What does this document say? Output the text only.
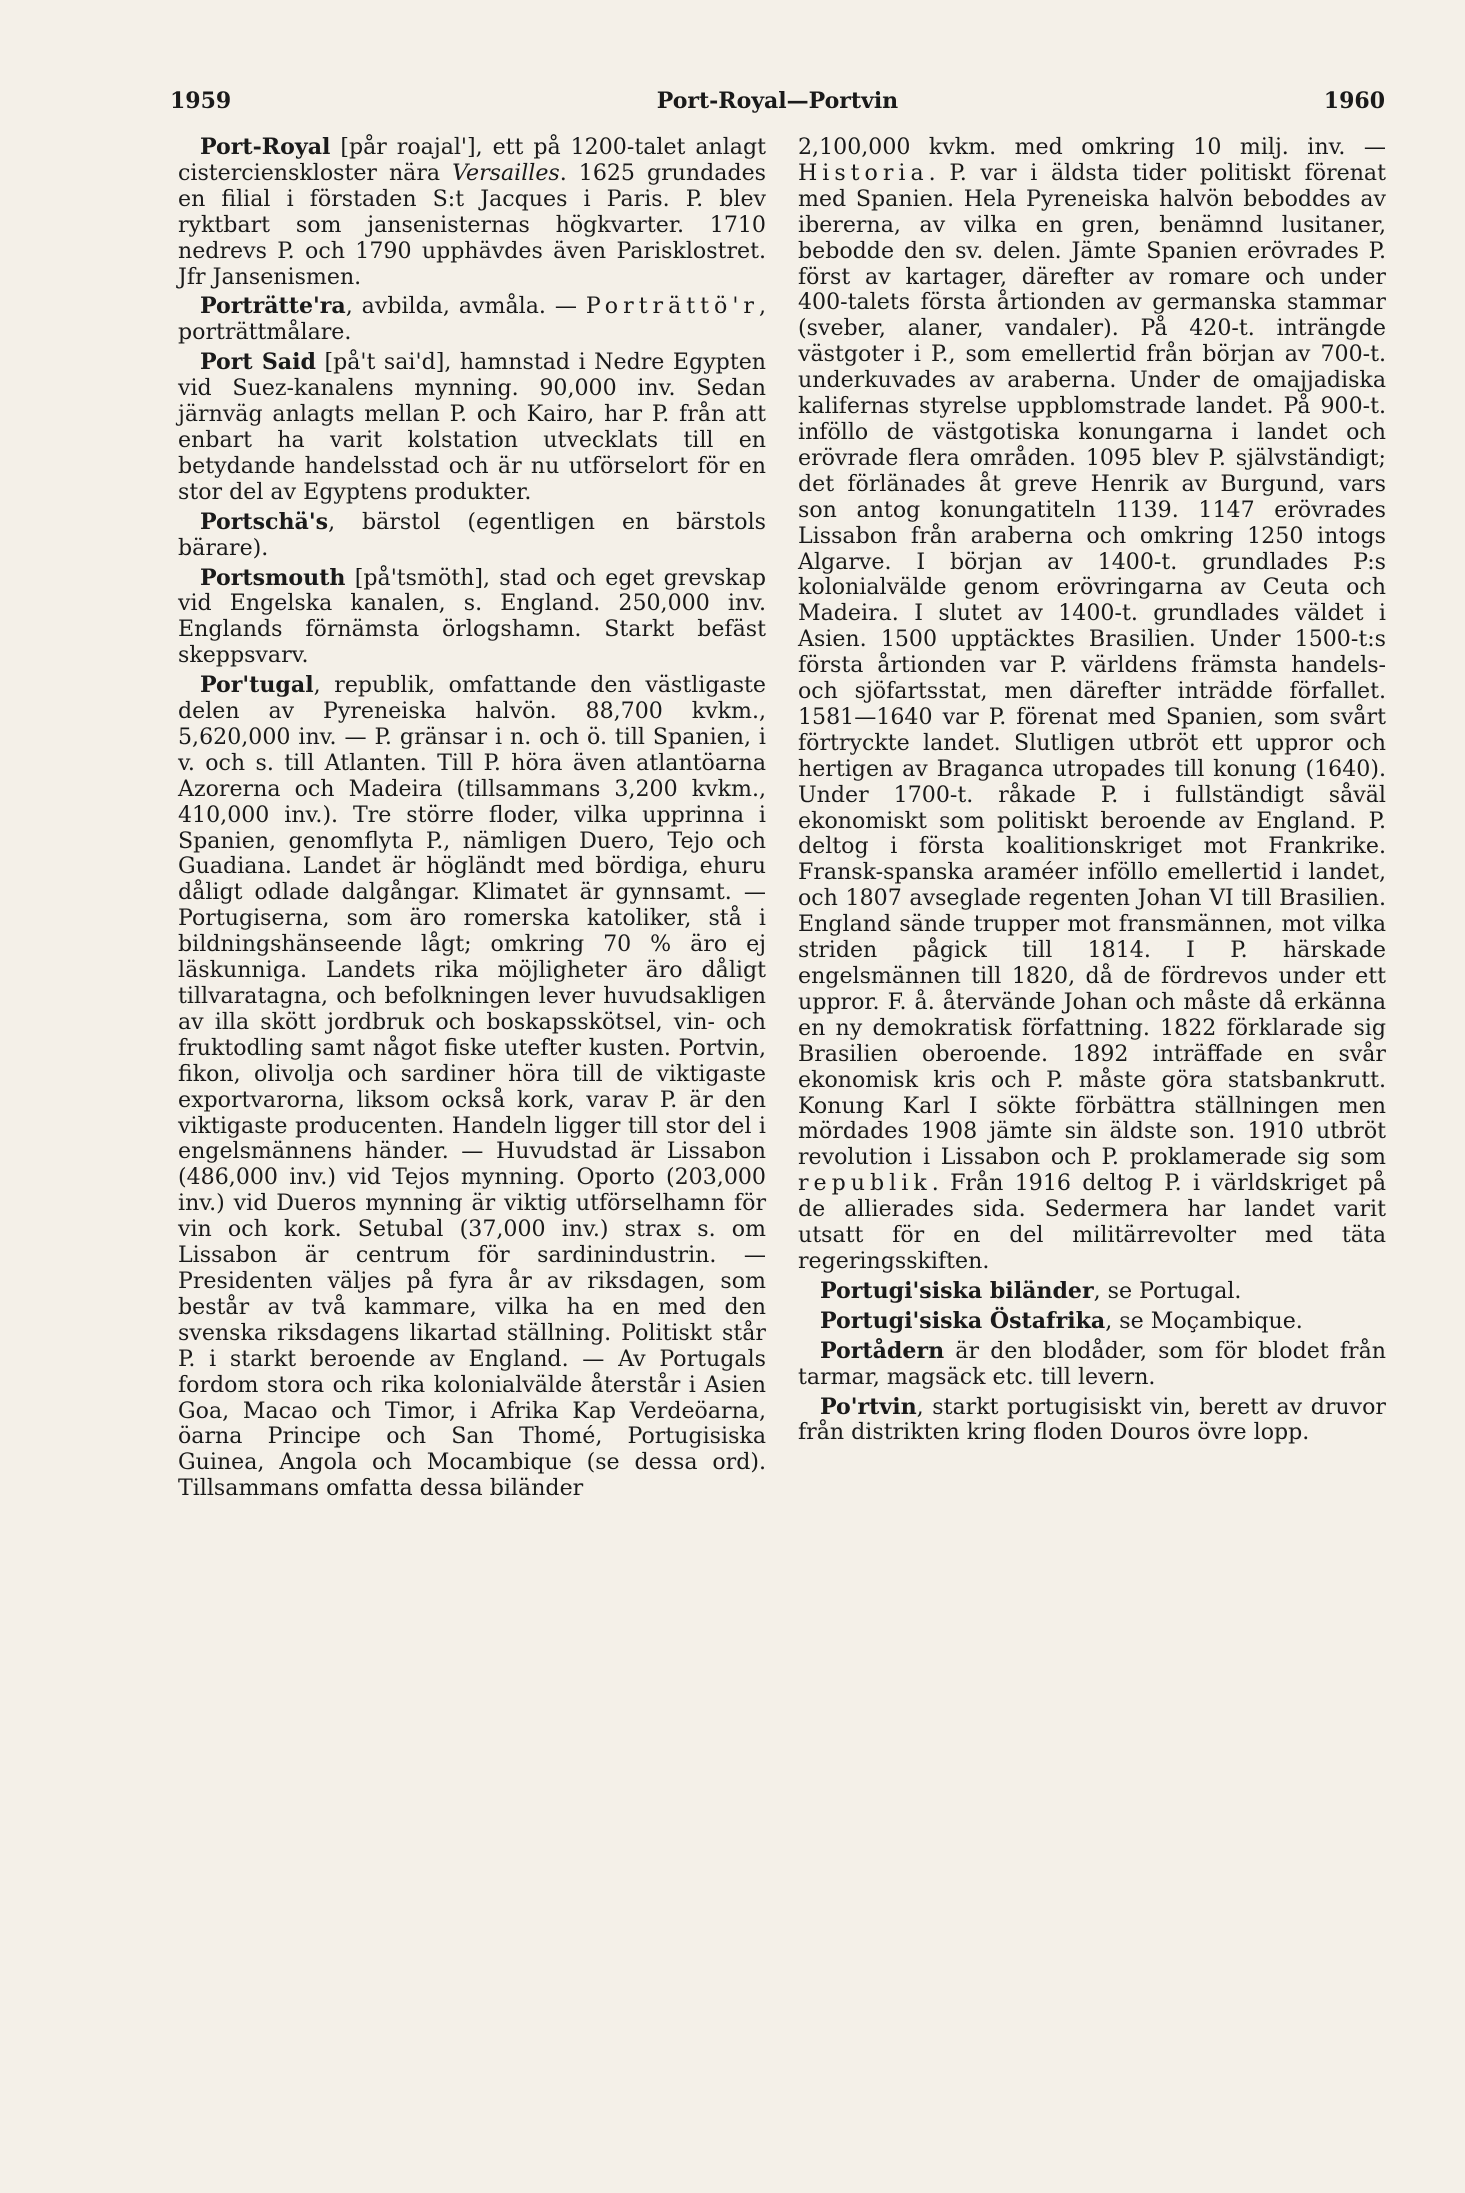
1959	Port-Royal—Portvin	1960

Port-Royal [pår roajal'], ett på 1200-talet anlagt cistercienskloster nära Versailles. 1625 grundades en filial i förstaden S:t Jacques i Paris. P. blev ryktbart som jansenisternas högkvarter. 1710 nedrevs P. och 1790 upphävdes även Parisklostret. Jfr Jansenismen.

Porträtte'ra, avbilda, avmåla. — Porträttö'r, porträttmålare.

Port Said [på't sai'd], hamnstad i Nedre Egypten vid Suez-kanalens mynning. 90,000 inv. Sedan järnväg anlagts mellan P. och Kairo, har P. från att enbart ha varit kolstation utvecklats till en betydande handelsstad och är nu utförselort för en stor del av Egyptens produkter.

Portschä's, bärstol (egentligen en bärstols bärare).

Portsmouth [på'tsmöth], stad och eget grevskap vid Engelska kanalen, s. England. 250,000 inv. Englands förnämsta örlogshamn. Starkt befäst skeppsvarv.

Por'tugal, republik, omfattande den västligaste delen av Pyreneiska halvön. 88,700 kvkm., 5,620,000 inv. — P. gränsar i n. och ö. till Spanien, i v. och s. till Atlanten. Till P. höra även atlantöarna Azorerna och Madeira (tillsammans 3,200 kvkm., 410,000 inv.). Tre större floder, vilka upprinna i Spanien, genomflyta P., nämligen Duero, Tejo och Guadiana. Landet är högländt med bördiga, ehuru dåligt odlade dalgångar. Klimatet är gynnsamt. — Portugiserna, som äro romerska katoliker, stå i bildningshänseende lågt; omkring 70 % äro ej läskunniga. Landets rika möjligheter äro dåligt tillvaratagna, och befolkningen lever huvudsakligen av illa skött jordbruk och boskapsskötsel, vin- och fruktodling samt något fiske utefter kusten. Portvin, fikon, olivolja och sardiner höra till de viktigaste exportvarorna, liksom också kork, varav P. är den viktigaste producenten. Handeln ligger till stor del i engelsmännens händer. — Huvudstad är Lissabon (486,000 inv.) vid Tejos mynning. Oporto (203,000 inv.) vid Dueros mynning är viktig utförselhamn för vin och kork. Setubal (37,000 inv.) strax s. om Lissabon är centrum för sardinindustrin. — Presidenten väljes på fyra år av riksdagen, som består av två kammare, vilka ha en med den svenska riksdagens likartad ställning. Politiskt står P. i starkt beroende av England. — Av Portugals fordom stora och rika kolonialvälde återstår i Asien Goa, Macao och Timor, i Afrika Kap Verdeöarna, öarna Principe och San Thomé, Portugisiska Guinea, Angola och Mocambique (se dessa ord). Tillsammans omfatta dessa biländer

2,100,000 kvkm. med omkring 10 milj. inv. — Historia. P. var i äldsta tider politiskt förenat med Spanien. Hela Pyreneiska halvön beboddes av ibererna, av vilka en gren, benämnd lusitaner, bebodde den sv. delen. Jämte Spanien erövrades P. först av kartager, därefter av romare och under 400-talets första årtionden av germanska stammar (sveber, alaner, vandaler). På 420-t. inträngde västgoter i P., som emellertid från början av 700-t. underkuvades av araberna. Under de omajjadiska kalifernas styrelse uppblomstrade landet. På 900-t. inföllo de västgotiska konungarna i landet och erövrade flera områden. 1095 blev P. självständigt; det förlänades åt greve Henrik av Burgund, vars son antog konungatiteln 1139. 1147 erövrades Lissabon från araberna och omkring 1250 intogs Algarve. I början av 1400-t. grundlades P:s kolonialvälde genom erövringarna av Ceuta och Madeira. I slutet av 1400-t. grundlades väldet i Asien. 1500 upptäcktes Brasilien. Under 1500-t:s första årtionden var P. världens främsta handels- och sjöfartsstat, men därefter inträdde förfallet. 1581—1640 var P. förenat med Spanien, som svårt förtryckte landet. Slutligen utbröt ett uppror och hertigen av Braganca utropades till konung (1640). Under 1700-t. råkade P. i fullständigt såväl ekonomiskt som politiskt beroende av England. P. deltog i första koalitionskriget mot Frankrike. Fransk-spanska araméer inföllo emellertid i landet, och 1807 avseglade regenten Johan VI till Brasilien. England sände trupper mot fransmännen, mot vilka striden pågick till 1814. I P. härskade engelsmännen till 1820, då de fördrevos under ett uppror. F. å. återvände Johan och måste då erkänna en ny demokratisk författning. 1822 förklarade sig Brasilien oberoende. 1892 inträffade en svår ekonomisk kris och P. måste göra statsbankrutt. Konung Karl I sökte förbättra ställningen men mördades 1908 jämte sin äldste son. 1910 utbröt revolution i Lissabon och P. proklamerade sig som republik. Från 1916 deltog P. i världskriget på de allierades sida. Sedermera har landet varit utsatt för en del militärrevolter med täta regeringsskiften.

Portugi'siska biländer, se Portugal.

Portugi'siska Östafrika, se Moçambique.

Portådern är den blodåder, som för blodet från tarmar, magsäck etc. till levern.

Po'rtvin, starkt portugisiskt vin, berett av druvor från distrikten kring floden Douros övre lopp.
